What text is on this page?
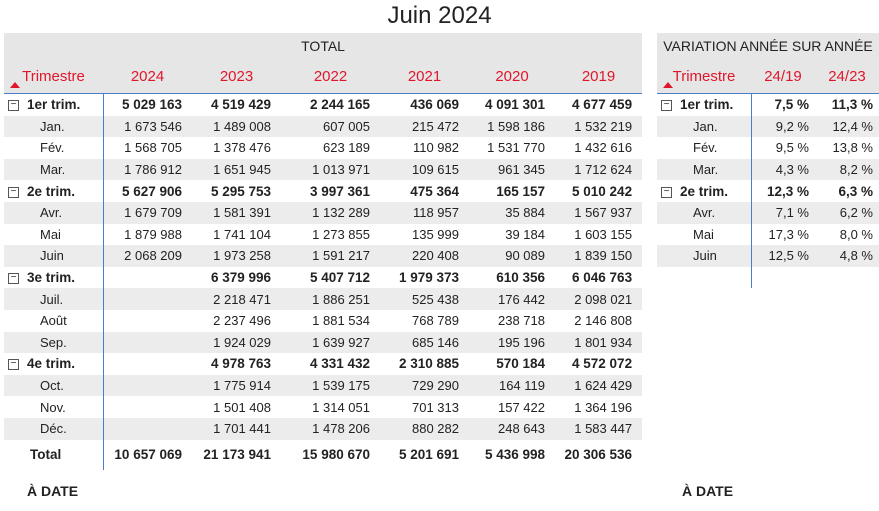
Juin 2024
TOTAL						

Trimestre	2024	2023	2022	2021	2020	2019
− 1er trim.	5 029 163	4 519 429	2 244 165	436 069	4 091 301	4 677 459
Jan.	1 673 546	1 489 008	607 005	215 472	1 598 186	1 532 219
Fév.	1 568 705	1 378 476	623 189	110 982	1 531 770	1 432 616
Mar.	1 786 912	1 651 945	1 013 971	109 615	961 345	1 712 624
− 2e trim.	5 627 906	5 295 753	3 997 361	475 364	165 157	5 010 242
Avr.	1 679 709	1 581 391	1 132 289	118 957	35 884	1 567 937
Mai	1 879 988	1 741 104	1 273 855	135 999	39 184	1 603 155
Juin	2 068 209	1 973 258	1 591 217	220 408	90 089	1 839 150
− 3e trim.		6 379 996	5 407 712	1 979 373	610 356	6 046 763
Juil.		2 218 471	1 886 251	525 438	176 442	2 098 021
Août		2 237 496	1 881 534	768 789	238 718	2 146 808
Sep.		1 924 029	1 639 927	685 146	195 196	1 801 934
− 4e trim.		4 978 763	4 331 432	2 310 885	570 184	4 572 072
Oct.		1 775 914	1 539 175	729 290	164 119	1 624 429
Nov.		1 501 408	1 314 051	701 313	157 422	1 364 196
Déc.		1 701 441	1 478 206	880 282	248 643	1 583 447
Total	10 657 069	21 173 941	15 980 670	5 201 691	5 436 998	20 306 536
VARIATION ANNÉE SUR ANNÉE		

Trimestre	24/19	24/23
− 1er trim.	7,5 %	11,3 %
Jan.	9,2 %	12,4 %
Fév.	9,5 %	13,8 %
Mar.	4,3 %	8,2 %
− 2e trim.	12,3 %	6,3 %
Avr.	7,1 %	6,2 %
Mai	17,3 %	8,0 %
Juin	12,5 %	4,8 %

À DATE	À DATE
